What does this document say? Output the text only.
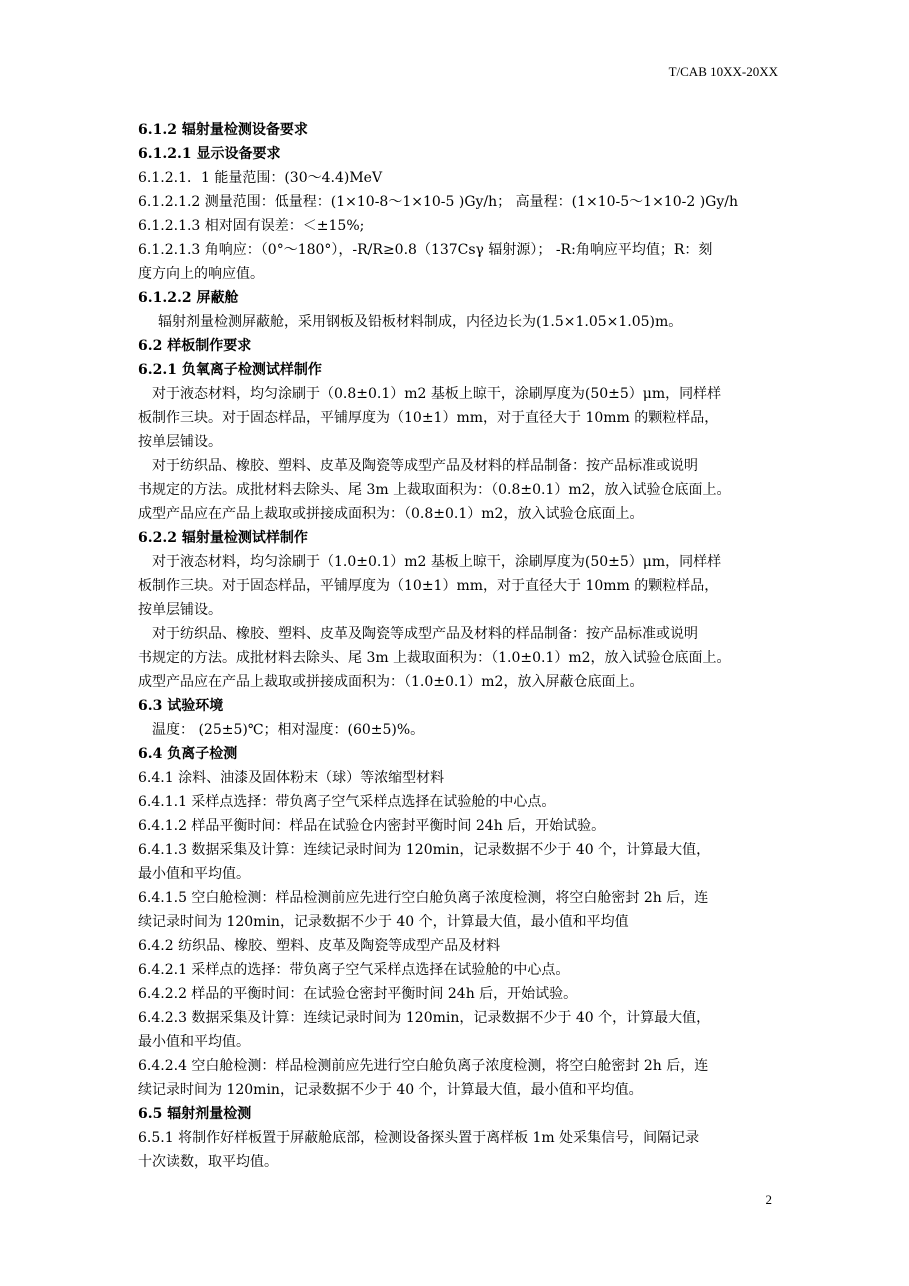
T/CAB 10XX-20XX

6.1.2 辐射量检测设备要求

6.1.2.1 显示设备要求

6.1.2.1．1 能量范围：(30～4.4)MeV

6.1.2.1.2 测量范围：低量程：(1×10-8～1×10-5 )Gy/h； 高量程：(1×10-5～1×10-2 )Gy/h

6.1.2.1.3 相对固有误差：＜±15%;

6.1.2.1.3 角响应：（0°～180°），-R/R≥0.8（137Csγ 辐射源）； -R:角响应平均值；R：刻

度方向上的响应值。

6.1.2.2 屏蔽舱

辐射剂量检测屏蔽舱，采用钢板及铅板材料制成，内径边长为(1.5×1.05×1.05)m。

6.2 样板制作要求

6.2.1 负氧离子检测试样制作

对于液态材料，均匀涂刷于（0.8±0.1）m2 基板上晾干，涂刷厚度为(50±5）μm，同样样

板制作三块。对于固态样品，平铺厚度为（10±1）mm，对于直径大于 10mm 的颗粒样品，

按单层铺设。

对于纺织品、橡胶、塑料、皮革及陶瓷等成型产品及材料的样品制备：按产品标准或说明

书规定的方法。成批材料去除头、尾 3m 上裁取面积为：（0.8±0.1）m2，放入试验仓底面上。

成型产品应在产品上裁取或拼接成面积为：（0.8±0.1）m2，放入试验仓底面上。

6.2.2 辐射量检测试样制作

对于液态材料，均匀涂刷于（1.0±0.1）m2 基板上晾干，涂刷厚度为(50±5）μm，同样样

板制作三块。对于固态样品，平铺厚度为（10±1）mm，对于直径大于 10mm 的颗粒样品，

按单层铺设。

对于纺织品、橡胶、塑料、皮革及陶瓷等成型产品及材料的样品制备：按产品标准或说明

书规定的方法。成批材料去除头、尾 3m 上裁取面积为：（1.0±0.1）m2，放入试验仓底面上。

成型产品应在产品上裁取或拼接成面积为：（1.0±0.1）m2，放入屏蔽仓底面上。

6.3 试验环境

温度： (25±5)℃；相对湿度：(60±5)%。

6.4 负离子检测

6.4.1 涂料、油漆及固体粉末（球）等浓缩型材料

6.4.1.1 采样点选择：带负离子空气采样点选择在试验舱的中心点。

6.4.1.2 样品平衡时间：样品在试验仓内密封平衡时间 24h 后，开始试验。

6.4.1.3 数据采集及计算：连续记录时间为 120min，记录数据不少于 40 个，计算最大值，

最小值和平均值。

6.4.1.5 空白舱检测：样品检测前应先进行空白舱负离子浓度检测，将空白舱密封 2h 后，连

续记录时间为 120min，记录数据不少于 40 个，计算最大值，最小值和平均值

6.4.2 纺织品、橡胶、塑料、皮革及陶瓷等成型产品及材料

6.4.2.1 采样点的选择：带负离子空气采样点选择在试验舱的中心点。

6.4.2.2 样品的平衡时间：在试验仓密封平衡时间 24h 后，开始试验。

6.4.2.3 数据采集及计算：连续记录时间为 120min，记录数据不少于 40 个，计算最大值，

最小值和平均值。

6.4.2.4 空白舱检测：样品检测前应先进行空白舱负离子浓度检测，将空白舱密封 2h 后，连

续记录时间为 120min，记录数据不少于 40 个，计算最大值，最小值和平均值。

6.5 辐射剂量检测

6.5.1 将制作好样板置于屏蔽舱底部，检测设备探头置于离样板 1m 处采集信号，间隔记录

十次读数，取平均值。

2
